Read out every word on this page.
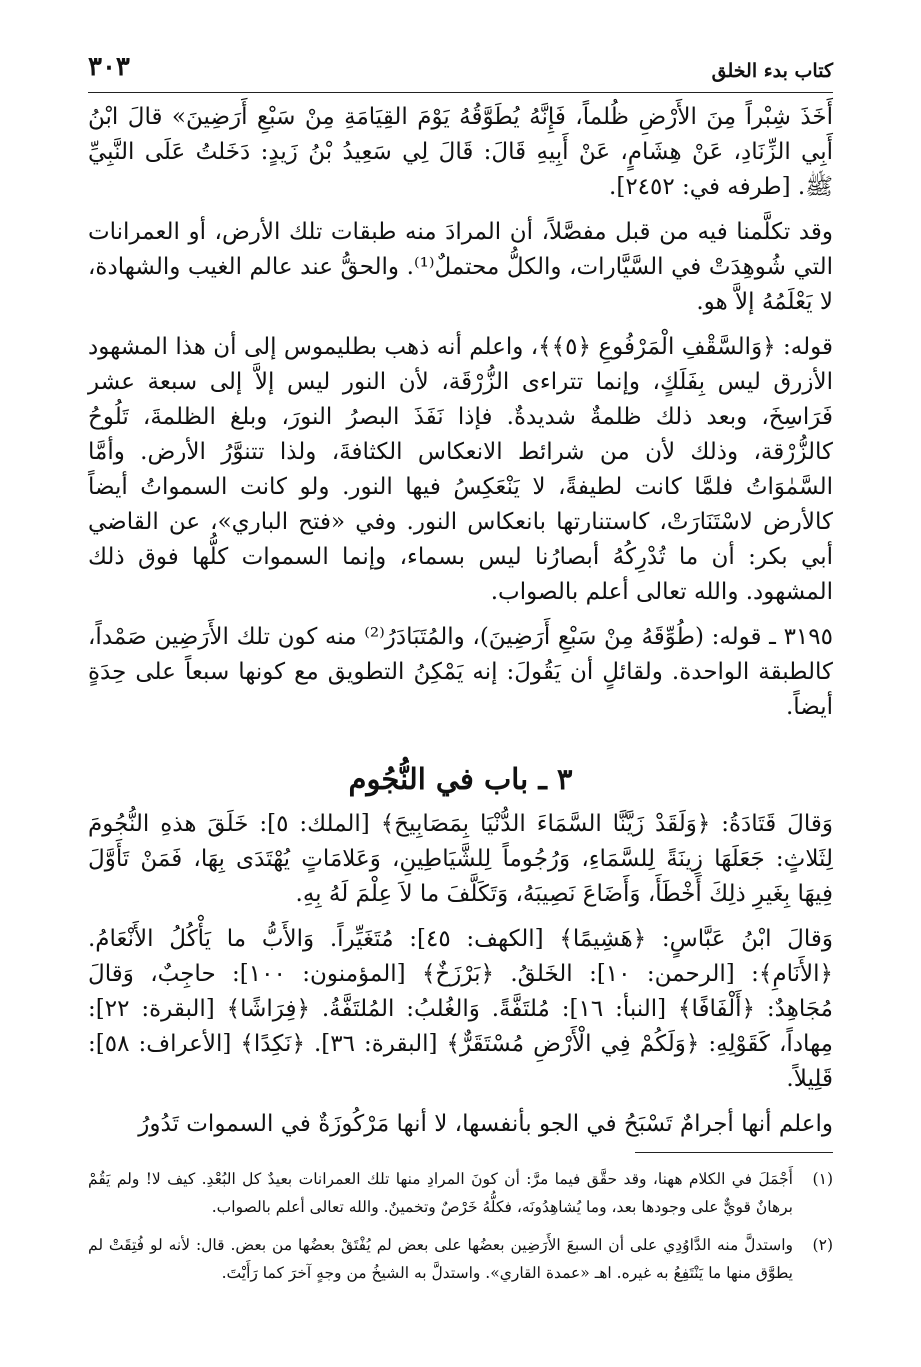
كتاب بدء الخلق
٣٠٣

أَخَذَ شِبْراً مِنَ الأَرْضِ ظُلماً، فَإِنَّهُ يُطَوَّقُهُ يَوْمَ القِيَامَةِ مِنْ سَبْعِ أَرَضِينَ» قالَ ابْنُ أَبِي الزِّنَادِ، عَنْ هِشَامٍ، عَنْ أَبِيهِ قَالَ: قَالَ لِي سَعِيدُ بْنُ زَيدٍ: دَخَلتُ عَلَى النَّبِيِّ ﷺ. [طرفه في: ٢٤٥٢].

وقد تكلَّمنا فيه من قبل مفصَّلاً، أن المرادَ منه طبقات تلك الأرض، أو العمرانات التي شُوهِدَتْ في السَّيَّارات، والكلُّ محتملٌ⁽¹⁾. والحقُّ عند عالم الغيب والشهادة، لا يَعْلَمُهُ إلاَّ هو.

قوله: ﴿وَالسَّقْفِ الْمَرْفُوعِ ﴿٥﴾﴾، واعلم أنه ذهب بطليموس إلى أن هذا المشهود الأزرق ليس بِفَلَكٍ، وإنما تتراءى الزُّرْقَة، لأن النور ليس إلاَّ إلى سبعة عشر فَرَاسِخَ، وبعد ذلك ظلمةٌ شديدةٌ. فإذا نَفَذَ البصرُ النورَ، وبلغ الظلمةَ، تَلُوحُ كالزُّرْقة، وذلك لأن من شرائط الانعكاس الكثافةَ، ولذا تتنوَّرُ الأرض. وأمَّا السَّمٰوَاتُ فلمَّا كانت لطيفةً، لا يَنْعَكِسُ فيها النور. ولو كانت السمواتُ أيضاً كالأرض لاسْتَنَارَتْ، كاستنارتها بانعكاس النور. وفي «فتح الباري»، عن القاضي أبي بكر: أن ما تُدْرِكُهُ أبصارُنا ليس بسماء، وإنما السموات كلُّها فوق ذلك المشهود. والله تعالى أعلم بالصواب.

٣١٩٥ ـ قوله: (طُوِّقَهُ مِنْ سَبْعِ أَرَضِينَ)، والمُتَبَادَرُ⁽²⁾ منه كون تلك الأَرَضِين صَمْداً، كالطبقة الواحدة. ولقائلٍ أن يَقُولَ: إنه يَمْكِنُ التطويق مع كونها سبعاً على حِدَةٍ أيضاً.

٣ ـ باب في النُّجُوم

وَقالَ قَتَادَةُ: ﴿وَلَقَدْ زَيَّنَّا السَّمَاءَ الدُّنْيَا بِمَصَابِيحَ﴾ [الملك: ٥]: خَلَقَ هذهِ النُّجُومَ لِثَلاثٍ: جَعَلَهَا زِينَةً لِلسَّمَاءِ، وَرُجُوماً لِلشَّيَاطِينِ، وَعَلامَاتٍ يُهْتَدَى بِهَا، فَمَنْ تَأَوَّلَ فِيهَا بِغَيرِ ذلِكَ أَخْطَأَ، وَأَضَاعَ نَصِيبَهُ، وَتَكَلَّفَ ما لاَ عِلْمَ لَهُ بِهِ.

وَقالَ ابْنُ عَبَّاسٍ: ﴿هَشِيمًا﴾ [الكهف: ٤٥]: مُتَغَيِّراً. وَالأَبُّ ما يَأْكُلُ الأَنْعَامُ. ﴿الأَنَامِ﴾: [الرحمن: ١٠]: الخَلقُ. ﴿بَرْزَخٌ﴾ [المؤمنون: ١٠٠]: حاجِبٌ، وَقالَ مُجَاهِدٌ: ﴿أَلْفَافًا﴾ [النبأ: ١٦]: مُلتَفَّةً. وَالغُلبُ: المُلتَفَّةُ. ﴿فِرَاشًا﴾ [البقرة: ٢٢]: مِهاداً، كَقَوْلِهِ: ﴿وَلَكُمْ فِي الْأَرْضِ مُسْتَقَرٌّ﴾ [البقرة: ٣٦]. ﴿نَكِدًا﴾ [الأعراف: ٥٨]: قَلِيلاً.

واعلم أنها أجرامٌ تَسْبَحُ في الجو بأنفسها، لا أنها مَرْكُوزَةٌ في السموات تَدُورُ

(١)
أَجْمَلَ في الكلام ههنا، وقد حقَّق فيما مرَّ: أن كونَ المرادِ منها تلك العمرانات بعيدٌ كل البُعْدِ. كيف لا! ولم يَقُمْ برهانٌ قويٌّ على وجودها بعد، وما يُشاهِدُونَه، فكلُّهُ خَرْصٌ وتخمينٌ. والله تعالى أعلم بالصواب.
(٢)
واستدلَّ منه الدَّاوُدِي على أن السبعَ الأَرَضِين بعضُها على بعض لم يُفْتَقْ بعضُها من بعض. قال: لأنه لو فُتِقَتْ لم يطوَّق منها ما يَنْتَفِعُ به غيره. اهـ «عمدة القاري». واستدلَّ به الشيخُ من وجهٍ آخرَ كما رَأَيْتَ.
